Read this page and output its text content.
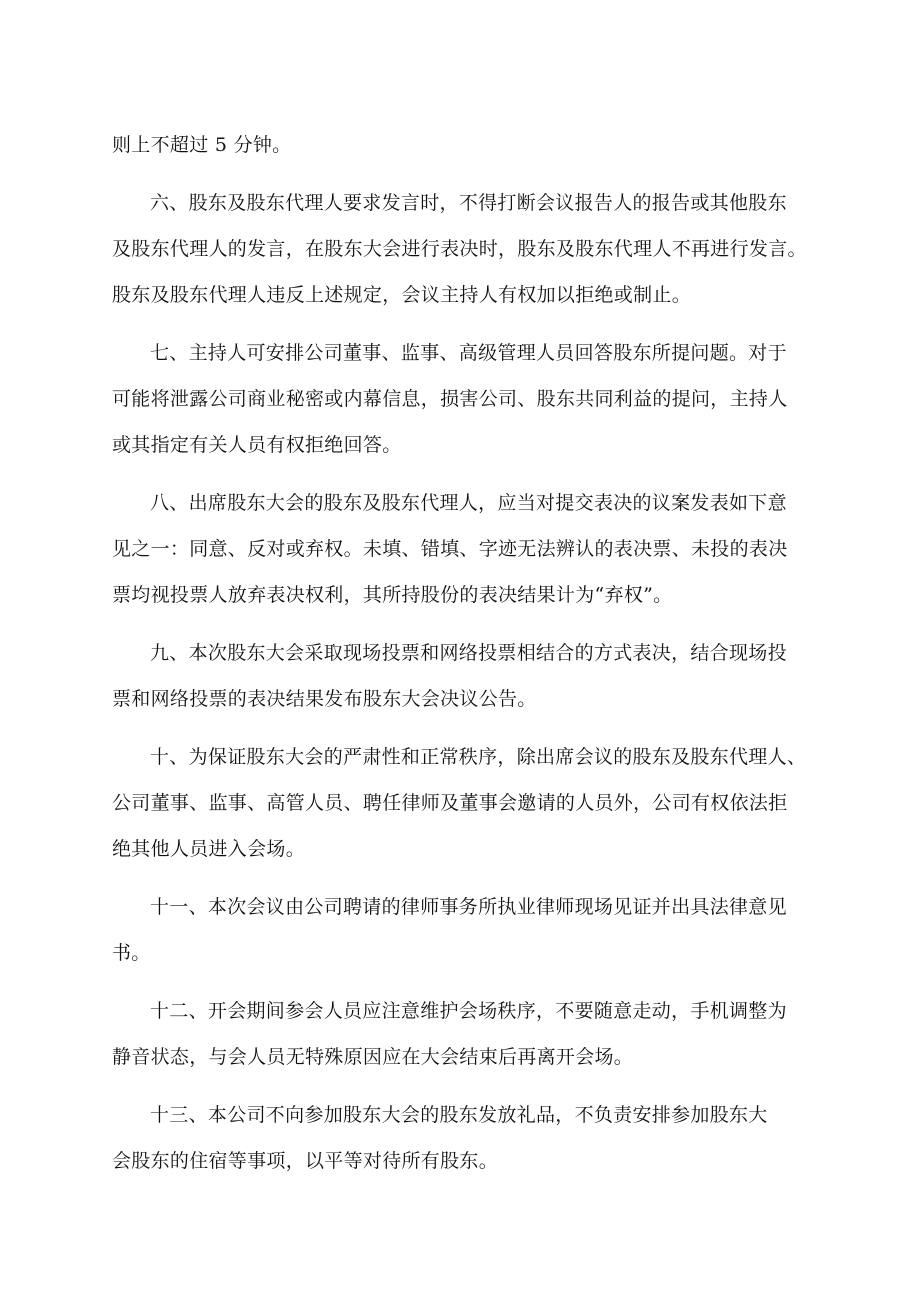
则上不超过 5 分钟。
六、股东及股东代理人要求发言时，不得打断会议报告人的报告或其他股东
及股东代理人的发言，在股东大会进行表决时，股东及股东代理人不再进行发言。
股东及股东代理人违反上述规定，会议主持人有权加以拒绝或制止。
七、主持人可安排公司董事、监事、高级管理人员回答股东所提问题。对于
可能将泄露公司商业秘密或内幕信息，损害公司、股东共同利益的提问，主持人
或其指定有关人员有权拒绝回答。
八、出席股东大会的股东及股东代理人，应当对提交表决的议案发表如下意
见之一：同意、反对或弃权。未填、错填、字迹无法辨认的表决票、未投的表决
票均视投票人放弃表决权利，其所持股份的表决结果计为“弃权”。
九、本次股东大会采取现场投票和网络投票相结合的方式表决，结合现场投
票和网络投票的表决结果发布股东大会决议公告。
十、为保证股东大会的严肃性和正常秩序，除出席会议的股东及股东代理人、
公司董事、监事、高管人员、聘任律师及董事会邀请的人员外，公司有权依法拒
绝其他人员进入会场。
十一、本次会议由公司聘请的律师事务所执业律师现场见证并出具法律意见
书。
十二、开会期间参会人员应注意维护会场秩序，不要随意走动，手机调整为
静音状态，与会人员无特殊原因应在大会结束后再离开会场。
十三、本公司不向参加股东大会的股东发放礼品，不负责安排参加股东大
会股东的住宿等事项，以平等对待所有股东。
